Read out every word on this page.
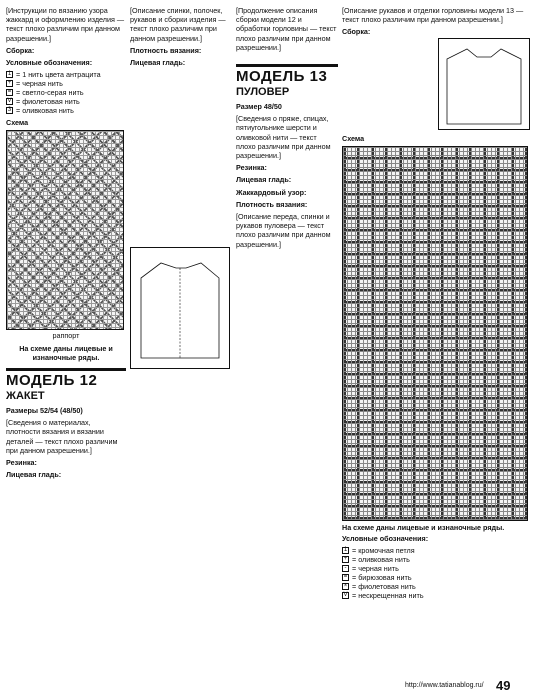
[Инструкции по вязанию узора жаккард и оформлению изделия — текст плохо различим при данном разрешении.]

Сборка:

Условные обозначения:

1 = 1 нить цвета антрацита
+ = черная нить
= = светло-серая нить
V = фиолетовая нить
3 = оливковая нить

Схема

раппорт

На схеме даны лицевые и изнаночные ряды.

МОДЕЛЬ 12
ЖАКЕТ

Размеры 52/54 (48/50)

[Сведения о материалах, плотности вязания и вязании деталей — текст плохо различим при данном разрешении.]

Резинка:

Лицевая гладь:

[Описание спинки, полочек, рукавов и сборки изделия — текст плохо различим при данном разрешении.]

Плотность вязания:

Лицевая гладь:

[Продолжение описания сборки модели 12 и обработки горловины — текст плохо различим при данном разрешении.]

МОДЕЛЬ 13
ПУЛОВЕР

Размер 48/50

[Сведения о пряже, спицах, пятиугольнике шерсти и оливковой нити — текст плохо различим при данном разрешении.]

Резинка:

Лицевая гладь:

Жаккардовый узор:

Плотность вязания:

[Описание переда, спинки и рукавов пуловера — текст плохо различим при данном разрешении.]

[Описание рукавов и отделки горловины модели 13 — текст плохо различим при данном разрешении.]

Сборка:

Схема

На схеме даны лицевые и изнаночные ряды.

Условные обозначения:

1 = кромочная петля
+ = оливковая нить
- = черная нить
= = бирюзовая нить
× = фиолетовая нить
V = нескрещенная нить
http://www.tatianablog.ru/ 49
